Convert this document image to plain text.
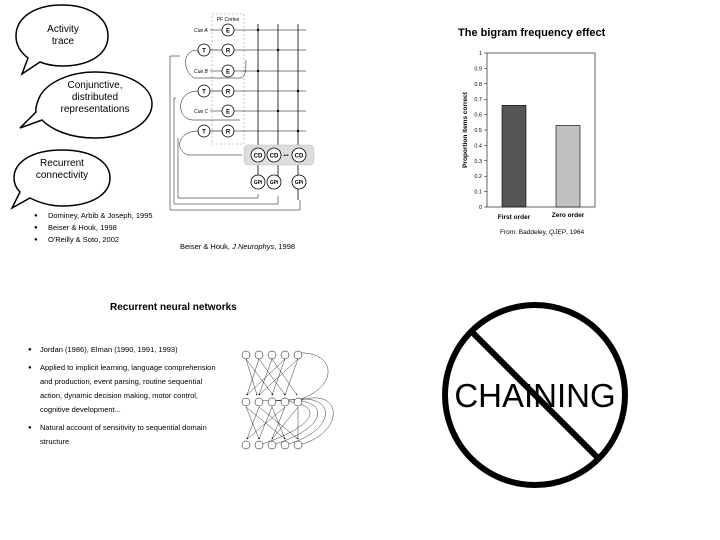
Activity
trace
Conjunctive,
distributed
representations
Recurrent
connectivity
● Dominey, Arbib & Joseph, 1995
● Beiser & Houk, 1998
● O'Reilly & Soto, 2002
PF Cortex
Cue A
Cue B
Cue C
E
E
E
T	R
T	R
T	R
CD CD ••• CD
GPi GPi	GPi
Beiser & Houk, J Neurophys, 1998
The bigram frequency effect
0
0.1
0.2
0.3
0.4
0.5
0.6
0.7
0.8
0.9
1
First order	Zero order
Proportion items correct
From: Baddeley, QJEP, 1964
Recurrent neural networks
● Jordan (1986), Elman (1990, 1991, 1993)
● Applied to implicit learning, language comprehension and production, event parsing, routine sequential action, dynamic decision making, motor control, cognitive development...
● Natural account of sensitivity to sequential domain structure
CHAINING
